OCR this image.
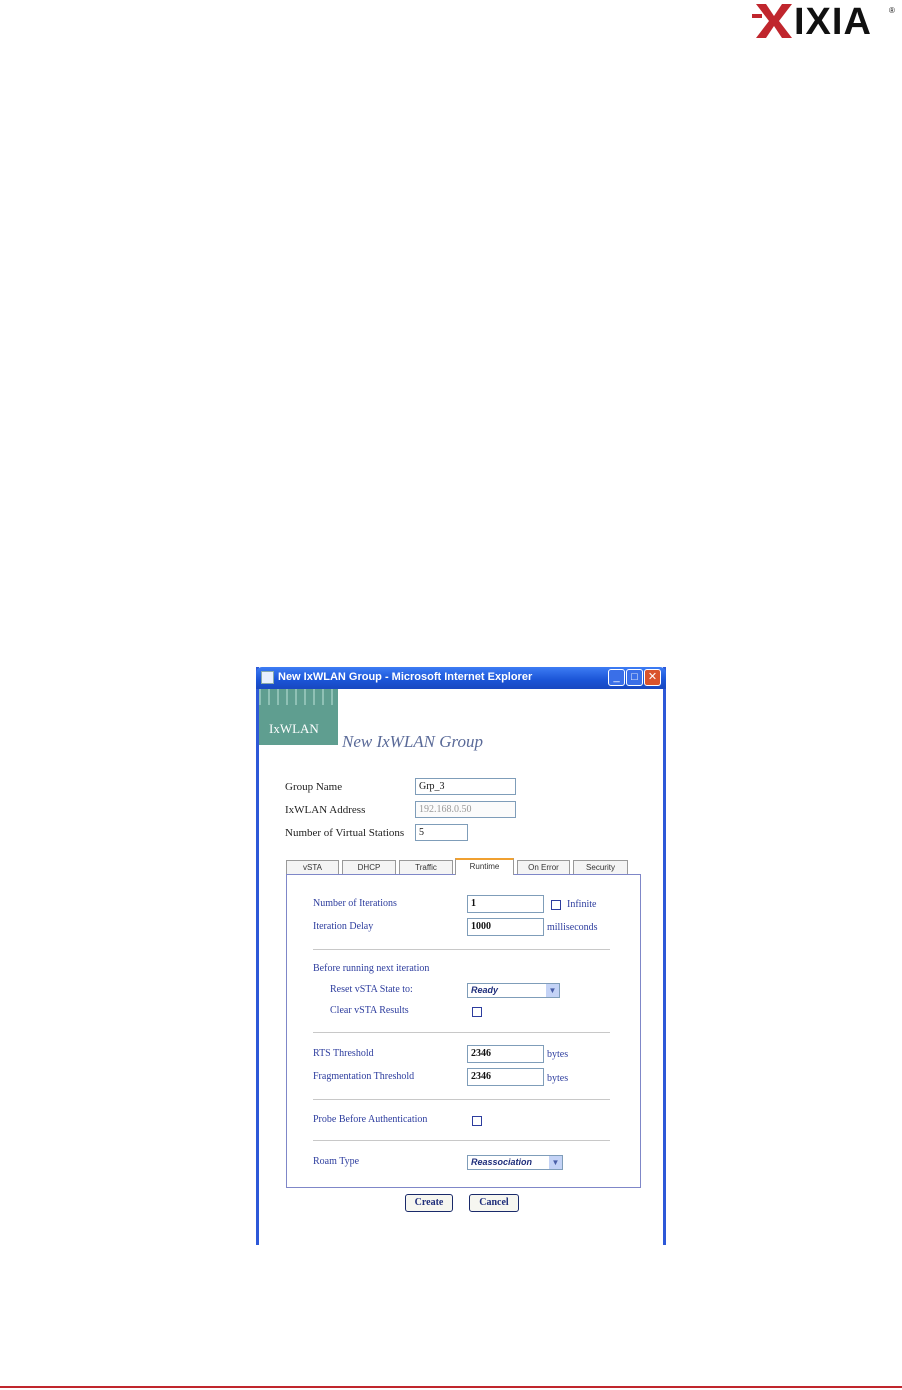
IXIA ®
New IxWLAN Group - Microsoft Internet Explorer	_	□ ✕
IxWLAN
New IxWLAN Group
Group Name	Grp_3
IxWLAN Address	192.168.0.50
Number of Virtual Stations	5
vSTA	DHCP	Traffic	Runtime	On Error	Security
Number of Iterations	1	Infinite
Iteration Delay	1000	milliseconds
Before running next iteration
Reset vSTA State to:	Ready	▼
Clear vSTA Results
RTS Threshold	2346	bytes
Fragmentation Threshold	2346	bytes
Probe Before Authentication
Roam Type	Reassociation	▼
Create	Cancel
